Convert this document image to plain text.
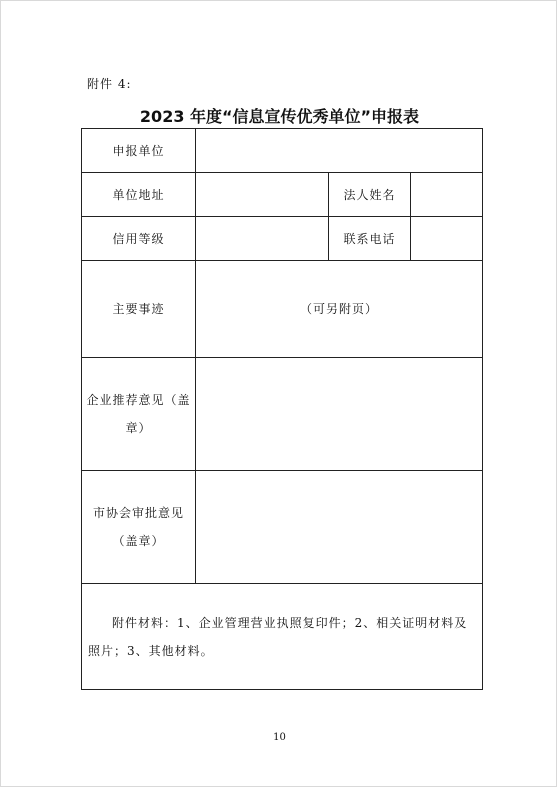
附件 4:
2023 年度“信息宣传优秀单位”申报表
申报单位			
单位地址		法人姓名	
信用等级		联系电话	
主要事迹	（可另附页）		
企业推荐意见（盖章）			
市协会审批意见（盖章）			
附件材料：1、企业管理营业执照复印件；2、相关证明材料及照片；3、其他材料。			
10
